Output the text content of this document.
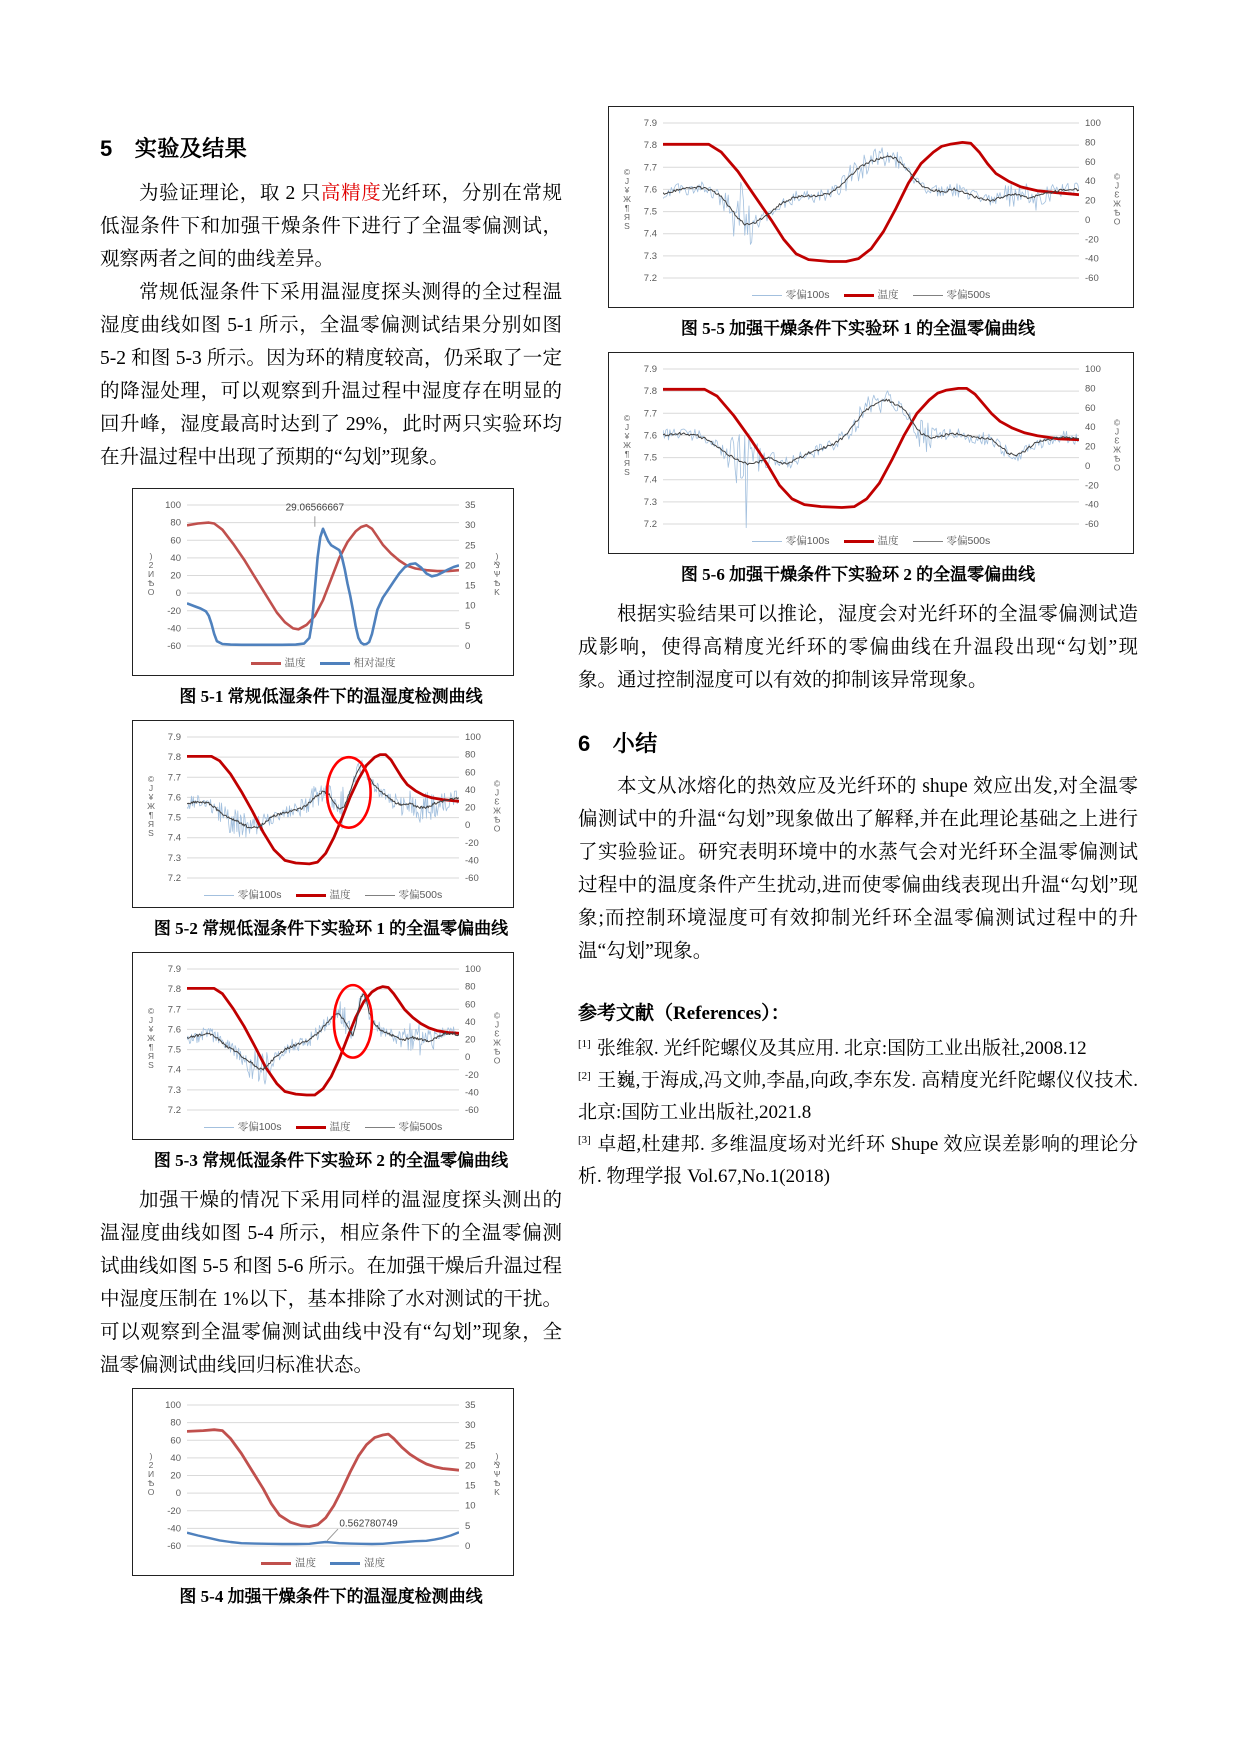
5 实验及结果

为验证理论，取 2 只高精度光纤环，分别在常规低湿条件下和加强干燥条件下进行了全温零偏测试，观察两者之间的曲线差异。

常规低湿条件下采用温湿度探头测得的全过程温湿度曲线如图 5-1 所示，全温零偏测试结果分别如图 5-2 和图 5-3 所示。因为环的精度较高，仍采取了一定的降湿处理，可以观察到升温过程中湿度存在明显的回升峰，湿度最高时达到了 29%，此时两只实验环均在升温过程中出现了预期的“勾划”现象。

100
80
60
40
20
0
-20
-40
-60
35
30
25
20
15
10
5
0
)
2
И
Ѣ
O
)
⅋
Ѱ
Ѣ
K
29.06566667
温度	相对湿度
图 5-1 常规低湿条件下的温湿度检测曲线
7.9
7.8
7.7
7.6
7.5
7.4
7.3
7.2
100
80
60
40
20
0
-20
-40
-60
©
J
¥
Ж
¶
Я
S
©
J
Ɛ
Ж
Ѣ
O
零偏100s	温度	零偏500s
图 5-2 常规低湿条件下实验环 1 的全温零偏曲线
7.9
7.8
7.7
7.6
7.5
7.4
7.3
7.2
100
80
60
40
20
0
-20
-40
-60
©
J
¥
Ж
¶
Я
S
©
J
Ɛ
Ж
Ѣ
O
零偏100s	温度	零偏500s
图 5-3 常规低湿条件下实验环 2 的全温零偏曲线

加强干燥的情况下采用同样的温湿度探头测出的温湿度曲线如图 5-4 所示，相应条件下的全温零偏测试曲线如图 5-5 和图 5-6 所示。在加强干燥后升温过程中湿度压制在 1%以下，基本排除了水对测试的干扰。可以观察到全温零偏测试曲线中没有“勾划”现象，全温零偏测试曲线回归标准状态。

100
80
60
40
20
0
-20
-40
-60
35
30
25
20
15
10
5
0
)
2
И
Ѣ
O
)
⅋
Ѱ
Ѣ
K
0.562780749
温度	湿度
图 5-4 加强干燥条件下的温湿度检测曲线
7.9
7.8
7.7
7.6
7.5
7.4
7.3
7.2
100
80
60
40
20
0
-20
-40
-60
©
J
¥
Ж
¶
Я
S
©
J
Ɛ
Ж
Ѣ
O
零偏100s	温度	零偏500s
图 5-5 加强干燥条件下实验环 1 的全温零偏曲线
7.9
7.8
7.7
7.6
7.5
7.4
7.3
7.2
100
80
60
40
20
0
-20
-40
-60
©
J
¥
Ж
¶
Я
S
©
J
Ɛ
Ж
Ѣ
O
零偏100s	温度	零偏500s
图 5-6 加强干燥条件下实验环 2 的全温零偏曲线

根据实验结果可以推论，湿度会对光纤环的全温零偏测试造成影响，使得高精度光纤环的零偏曲线在升温段出现“勾划”现象。通过控制湿度可以有效的抑制该异常现象。

6 小结

本文从冰熔化的热效应及光纤环的 shupe 效应出发,对全温零偏测试中的升温“勾划”现象做出了解释,并在此理论基础之上进行了实验验证。研究表明环境中的水蒸气会对光纤环全温零偏测试过程中的温度条件产生扰动,进而使零偏曲线表现出升温“勾划”现象;而控制环境湿度可有效抑制光纤环全温零偏测试过程中的升温“勾划”现象。

参考文献（References）：

[1] 张维叙. 光纤陀螺仪及其应用. 北京:国防工业出版社,2008.12

[2] 王巍,于海成,冯文帅,李晶,向政,李东发. 高精度光纤陀螺仪仪技术. 北京:国防工业出版社,2021.8

[3] 卓超,杜建邦. 多维温度场对光纤环 Shupe 效应误差影响的理论分析. 物理学报 Vol.67,No.1(2018)
